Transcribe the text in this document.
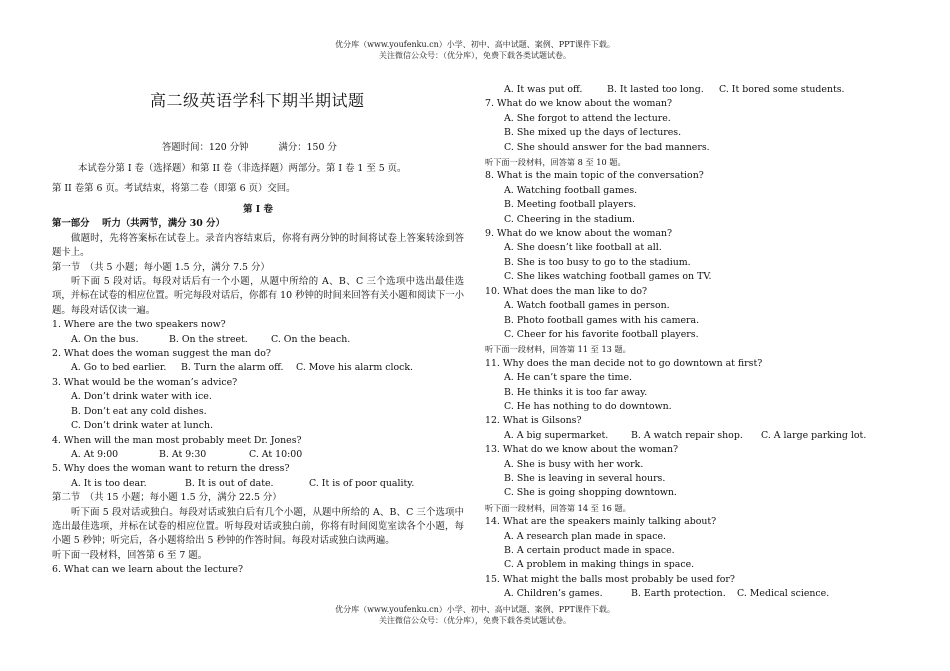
优分库（www.youfenku.cn）小学、初中、高中试题、案例、PPT课件下载。
关注微信公众号：（优分库），免费下载各类试题试卷。
高二级英语学科下期半期试题

答题时间：120 分钟	满分：150 分

本试卷分第 I 卷（选择题）和第 II 卷（非选择题）两部分。第 I 卷 1 至 5 页。

第 II 卷第 6 页。考试结束，将第二卷（即第 6 页）交回。

第 I 卷

第一部分　 听力（共两节，满分 30 分）

做题时，先将答案标在试卷上。录音内容结束后，你将有两分钟的时间将试卷上答案转涂到答题卡上。

第一节　（共 5 小题；每小题 1.5 分，满分 7.5 分）

听下面 5 段对话。每段对话后有一个小题，从题中所给的 A、B、C 三个选项中选出最佳选项，并标在试卷的相应位置。听完每段对话后，你都有 10 秒钟的时间来回答有关小题和阅读下一小题。每段对话仅读一遍。

1. Where are the two speakers now?

A. On the bus.	B. On the street. C. On the beach.

2. What does the woman suggest the man do?

A. Go to bed earlier. B. Turn the alarm off. C. Move his alarm clock.

3. What would be the woman’s advice?

A. Don’t drink water with ice.

B. Don’t eat any cold dishes.

C. Don’t drink water at lunch.

4. When will the man most probably meet Dr. Jones?

A. At 9:00	B. At 9:30	C. At 10:00

5. Why does the woman want to return the dress?

A. It is too dear.	B. It is out of date.	C. It is of poor quality.

第二节　（共 15 小题；每小题 1.5 分，满分 22.5 分）

听下面 5 段对话或独白。每段对话或独白后有几个小题，从题中所给的 A、B、C 三个选项中选出最佳选项，并标在试卷的相应位置。听每段对话或独白前，你将有时间阅览室读各个小题，每小题 5 秒钟；听完后，各小题将给出 5 秒钟的作答时间。每段对话或独白读两遍。

听下面一段材料，回答第 6 至 7 题。

6. What can we learn about the lecture?

A. It was put off.	B. It lasted too long. C. It bored some students.

7. What do we know about the woman?

A. She forgot to attend the lecture.

B. She mixed up the days of lectures.

C. She should answer for the bad manners.

听下面一段材料，回答第 8 至 10 题。

8. What is the main topic of the conversation?

A. Watching football games.

B. Meeting football players.

C. Cheering in the stadium.

9. What do we know about the woman?

A. She doesn’t like football at all.

B. She is too busy to go to the stadium.

C. She likes watching football games on TV.

10. What does the man like to do?

A. Watch football games in person.

B. Photo football games with his camera.

C. Cheer for his favorite football players.

听下面一段材料，回答第 11 至 13 题。

11. Why does the man decide not to go downtown at first?

A. He can’t spare the time.

B. He thinks it is too far away.

C. He has nothing to do downtown.

12. What is Gilsons?

A. A big supermarket. B. A watch repair shop. C. A large parking lot.

13. What do we know about the woman?

A. She is busy with her work.

B. She is leaving in several hours.

C. She is going shopping downtown.

听下面一段材料，回答第 14 至 16 题。

14. What are the speakers mainly talking about?

A. A research plan made in space.

B. A certain product made in space.

C. A problem in making things in space.

15. What might the balls most probably be used for?

A. Children’s games.	B. Earth protection. C. Medical science.

优分库（www.youfenku.cn）小学、初中、高中试题、案例、PPT课件下载。
关注微信公众号：（优分库），免费下载各类试题试卷。
